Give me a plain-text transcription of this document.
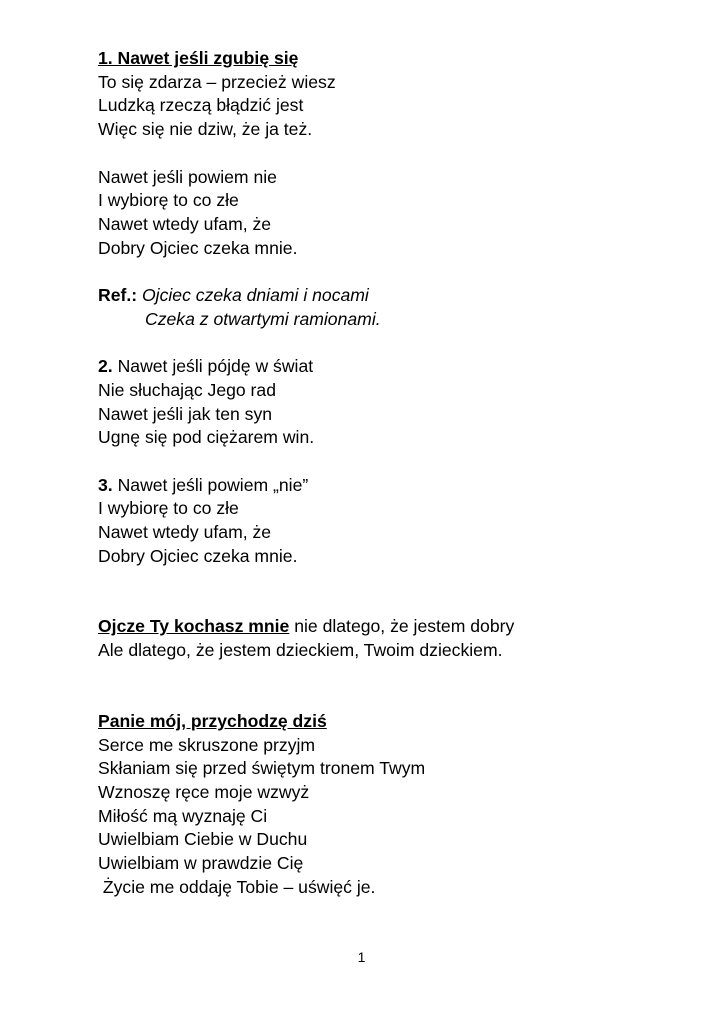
1. Nawet jeśli zgubię się

To się zdarza – przecież wiesz

Ludzką rzeczą błądzić jest

Więc się nie dziw, że ja też.

Nawet jeśli powiem nie

I wybiorę to co złe

Nawet wtedy ufam, że

Dobry Ojciec czeka mnie.

Ref.: Ojciec czeka dniami i nocami

Czeka z otwartymi ramionami.

2. Nawet jeśli pójdę w świat

Nie słuchając Jego rad

Nawet jeśli jak ten syn

Ugnę się pod ciężarem win.

3. Nawet jeśli powiem „nie”

I wybiorę to co złe

Nawet wtedy ufam, że

Dobry Ojciec czeka mnie.

Ojcze Ty kochasz mnie nie dlatego, że jestem dobry

Ale dlatego, że jestem dzieckiem, Twoim dzieckiem.

Panie mój, przychodzę dziś

Serce me skruszone przyjm

Skłaniam się przed świętym tronem Twym

Wznoszę ręce moje wzwyż

Miłość mą wyznaję Ci

Uwielbiam Ciebie w Duchu

Uwielbiam w prawdzie Cię

Życie me oddaję Tobie – uświęć je.

1
